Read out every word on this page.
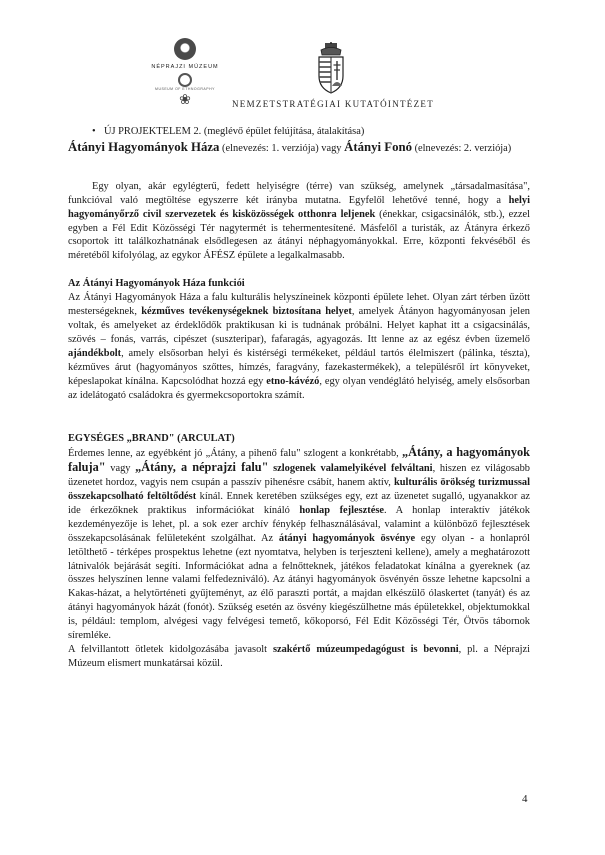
NÉPRAJZI MÚZEUM
MUSEUM OF ETHNOGRAPHY
❀	NEMZETSTRATÉGIAI KUTATÓINTÉZET
• ÚJ PROJEKTELEM 2. (meglévő épület felújítása, átalakítása)
Átányi Hagyományok Háza (elnevezés: 1. verziója) vagy Átányi Fonó (elnevezés: 2. verziója)

Egy olyan, akár egylégterű, fedett helyiségre (térre) van szükség, amelynek „társadalmasítása", funkcióval való megtöltése egyszerre két irányba mutatna. Egyfelől lehetővé tenné, hogy a helyi hagyományőrző civil szervezetek és kisközösségek otthonra leljenek (énekkar, csigacsinálók, stb.), ezzel egyben a Fél Edit Közösségi Tér nagytermét is tehermentesítené. Másfelől a turisták, az Átányra érkező csoportok itt találkozhatnának elsődlegesen az átányi néphagyományokkal. Erre, központi fekvéséből és méretéből kifolyólag, az egykor ÁFÉSZ épülete a legalkalmasabb.

Az Átányi Hagyományok Háza funkciói

Az Átányi Hagyományok Háza a falu kulturális helyszíneinek központi épülete lehet. Olyan zárt térben űzött mesterségeknek, kézműves tevékenységeknek biztosítana helyet, amelyek Átányon hagyományosan jelen voltak, és amelyeket az érdeklődők praktikusan ki is tudnának próbálni. Helyet kaphat itt a csigacsinálás, szövés – fonás, varrás, cipészet (suszteripar), fafaragás, agyagozás. Itt lenne az az egész évben üzemelő ajándékbolt, amely elsősorban helyi és kistérségi termékeket, például tartós élelmiszert (pálinka, tészta), kézműves árut (hagyományos szőttes, hímzés, faragvány, fazekastermékek), a településről írt könyveket, képeslapokat kínálna. Kapcsolódhat hozzá egy etno-kávézó, egy olyan vendéglátó helyiség, amely elsősorban az idelátogató családokra és gyermekcsoportokra számít.

EGYSÉGES „BRAND" (ARCULAT)

Érdemes lenne, az egyébként jó „Átány, a pihenő falu" szlogent a konkrétabb, „Átány, a hagyományok faluja" vagy „Átány, a néprajzi falu" szlogenek valamelyikével felváltani, hiszen ez világosabb üzenetet hordoz, vagyis nem csupán a passzív pihenésre csábít, hanem aktív, kulturális örökség turizmussal összekapcsolható feltöltődést kínál. Ennek keretében szükséges egy, ezt az üzenetet sugalló, ugyanakkor az ide érkezőknek praktikus információkat kínáló honlap fejlesztése. A honlap interaktív játékok kezdeményezője is lehet, pl. a sok ezer archív fénykép felhasználásával, valamint a különböző fejlesztések összekapcsolásának felületeként szolgálhat. Az átányi hagyományok ösvénye egy olyan - a honlapról letölthető - térképes prospektus lehetne (ezt nyomtatva, helyben is terjeszteni kellene), amely a meghatározott látnivalók bejárását segíti. Információkat adna a felnőtteknek, játékos feladatokat kínálna a gyereknek (az összes helyszínen lenne valami felfedezniváló). Az átányi hagyományok ösvényén össze lehetne kapcsolni a Kakas-házat, a helytörténeti gyűjteményt, az élő paraszti portát, a majdan elkészülő ólaskertet (tanyát) és az átányi hagyományok házát (fonót). Szükség esetén az ösvény kiegészülhetne más épületekkel, objektumokkal is, például: templom, alvégesi vagy felvégesi temető, kőkoporsó, Fél Edit Közösségi Tér, Ötvös tábornok síremléke.

A felvillantott ötletek kidolgozásába javasolt szakértő múzeumpedagógust is bevonni, pl. a Néprajzi Múzeum elismert munkatársai közül.

4
